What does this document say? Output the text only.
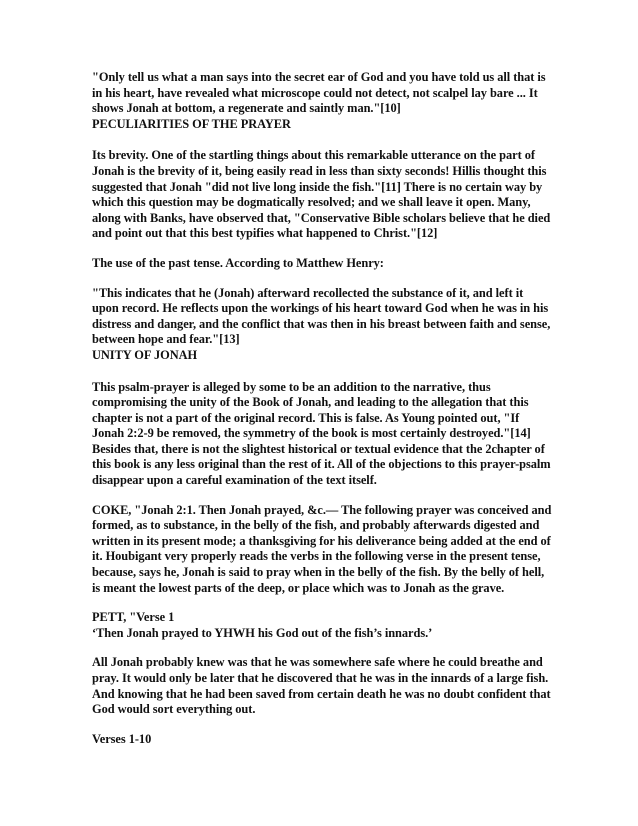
"Only tell us what a man says into the secret ear of God and you have told us all that is in his heart, have revealed what microscope could not detect, not scalpel lay bare ... It shows Jonah at bottom, a regenerate and saintly man."[10]

PECULIARITIES OF THE PRAYER

Its brevity. One of the startling things about this remarkable utterance on the part of Jonah is the brevity of it, being easily read in less than sixty seconds! Hillis thought this suggested that Jonah "did not live long inside the fish."[11] There is no certain way by which this question may be dogmatically resolved; and we shall leave it open. Many, along with Banks, have observed that, "Conservative Bible scholars believe that he died and point out that this best typifies what happened to Christ."[12]

The use of the past tense. According to Matthew Henry:

"This indicates that he (Jonah) afterward recollected the substance of it, and left it upon record. He reflects upon the workings of his heart toward God when he was in his distress and danger, and the conflict that was then in his breast between faith and sense, between hope and fear."[13]

UNITY OF JONAH

This psalm-prayer is alleged by some to be an addition to the narrative, thus compromising the unity of the Book of Jonah, and leading to the allegation that this chapter is not a part of the original record. This is false. As Young pointed out, "If Jonah 2:2-9 be removed, the symmetry of the book is most certainly destroyed."[14] Besides that, there is not the slightest historical or textual evidence that the 2chapter of this book is any less original than the rest of it. All of the objections to this prayer-psalm disappear upon a careful examination of the text itself.

COKE, "Jonah 2:1. Then Jonah prayed, &c.— The following prayer was conceived and formed, as to substance, in the belly of the fish, and probably afterwards digested and written in its present mode; a thanksgiving for his deliverance being added at the end of it. Houbigant very properly reads the verbs in the following verse in the present tense, because, says he, Jonah is said to pray when in the belly of the fish. By the belly of hell, is meant the lowest parts of the deep, or place which was to Jonah as the grave.

PETT, "Verse 1

‘Then Jonah prayed to YHWH his God out of the fish’s innards.’

All Jonah probably knew was that he was somewhere safe where he could breathe and pray. It would only be later that he discovered that he was in the innards of a large fish. And knowing that he had been saved from certain death he was no doubt confident that God would sort everything out.

Verses 1-10
